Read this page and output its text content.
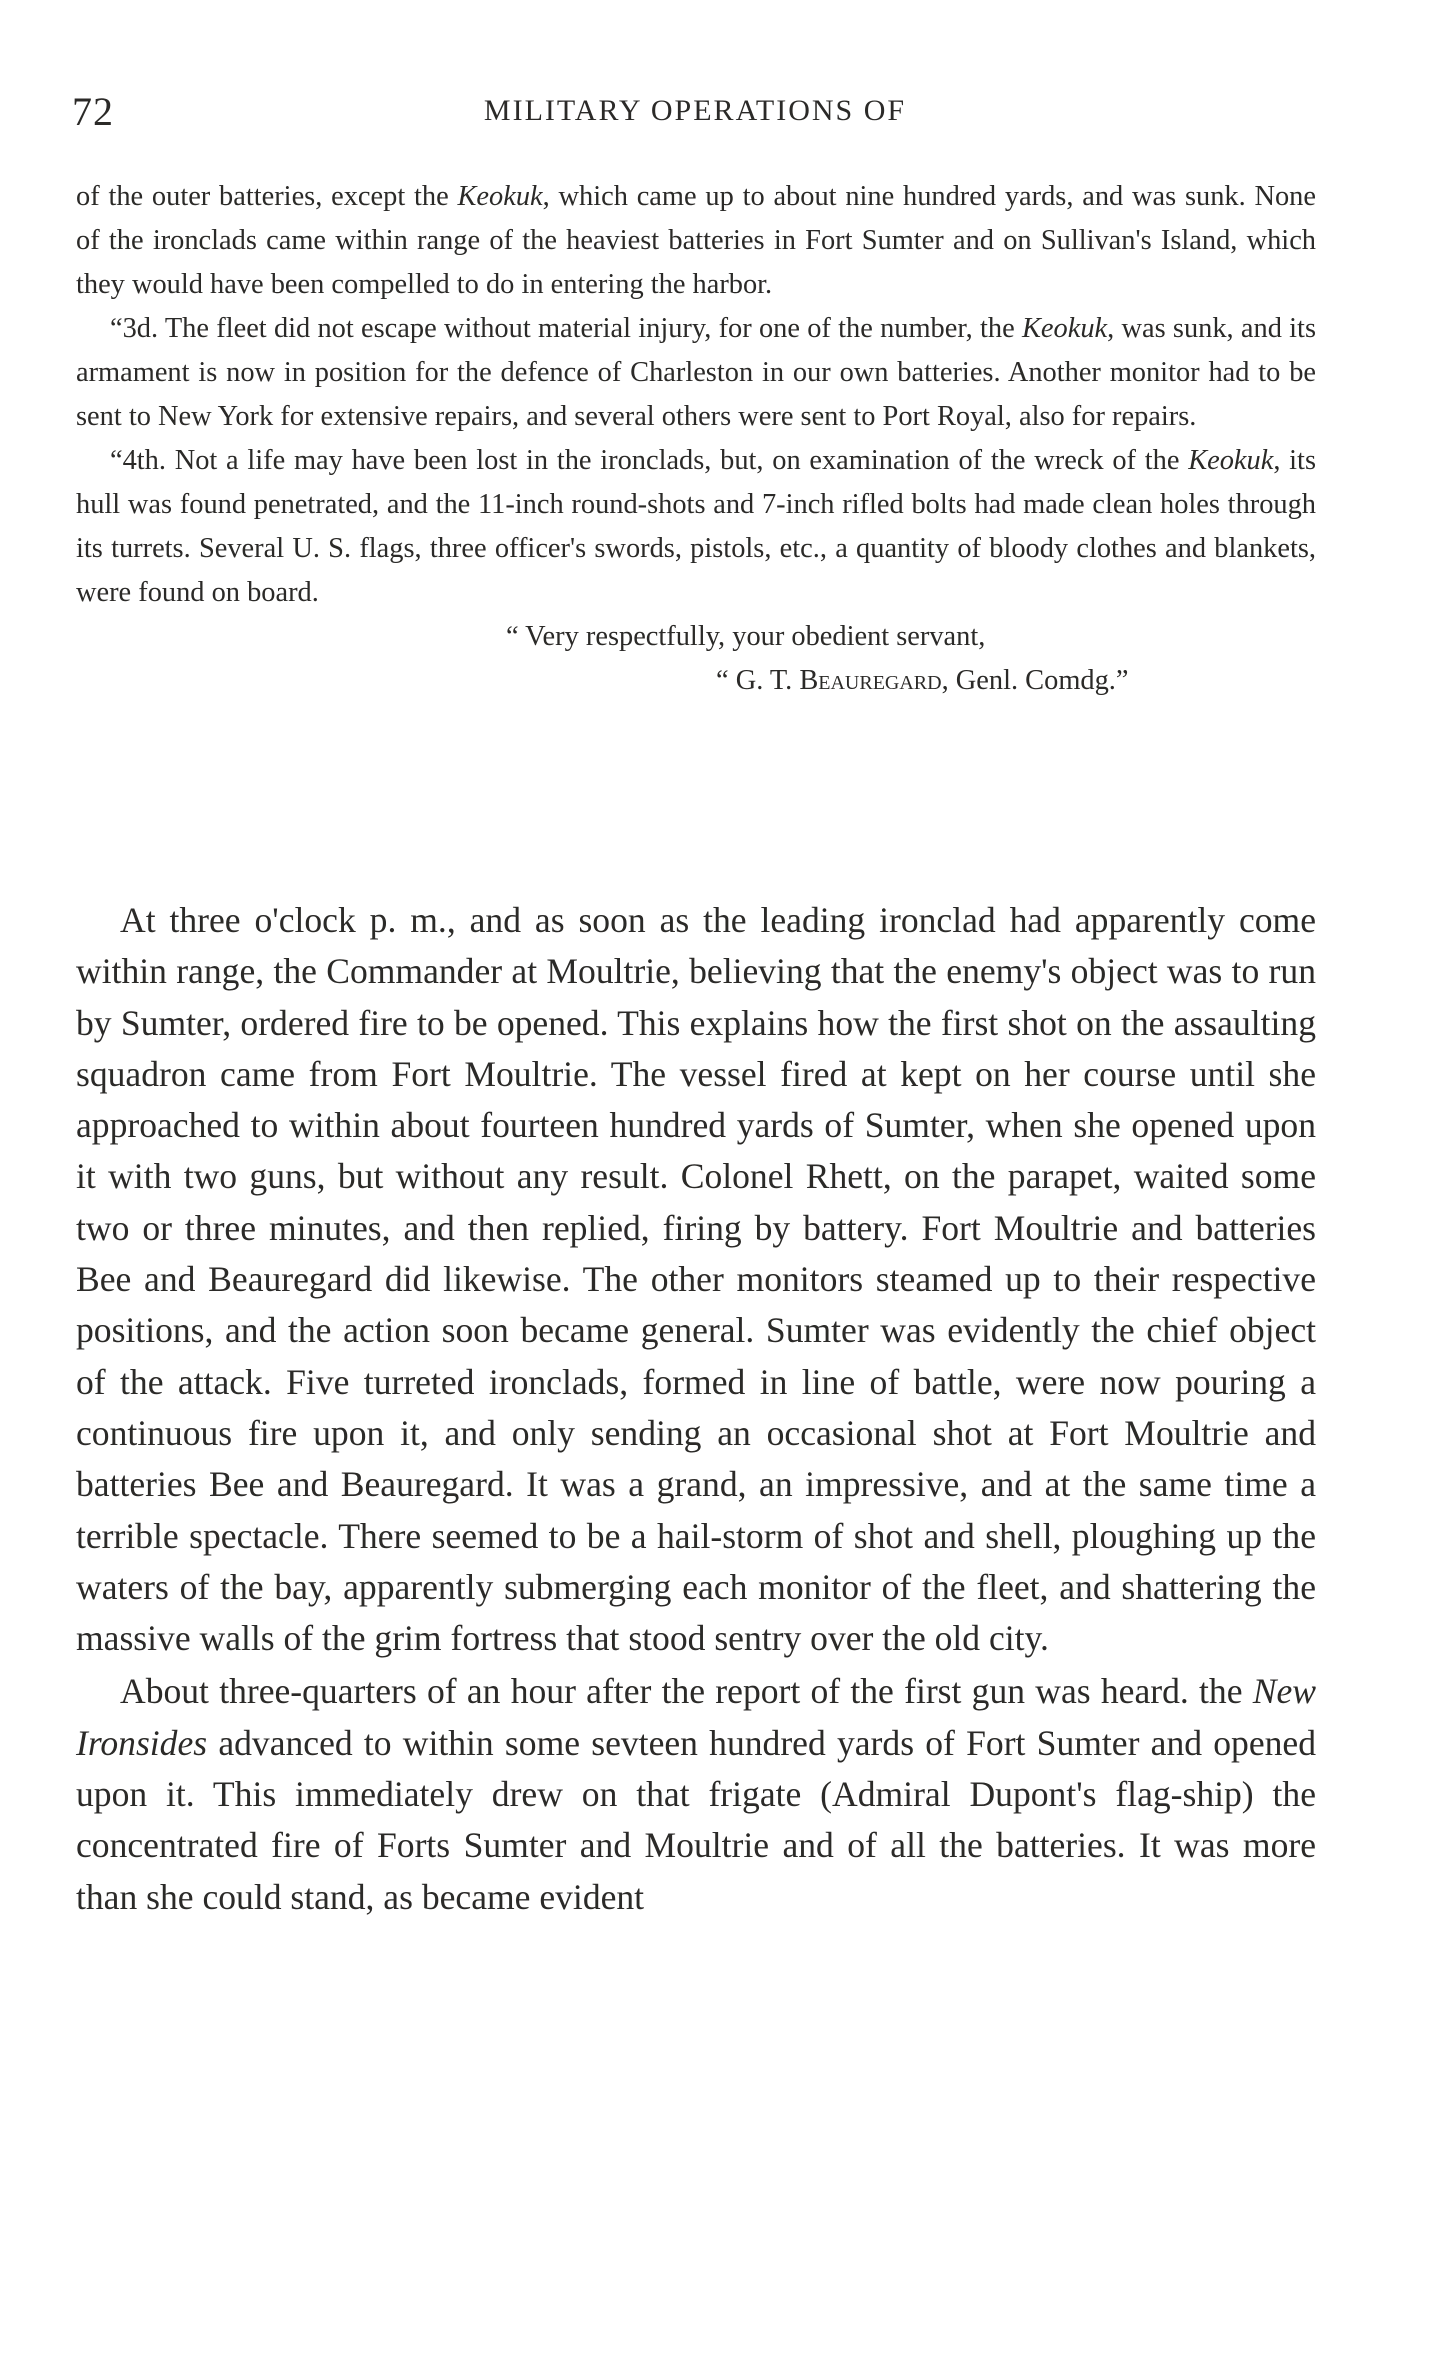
72	MILITARY OPERATIONS OF

of the outer batteries, except the Keokuk, which came up to about nine hundred yards, and was sunk. None of the ironclads came within range of the heaviest batteries in Fort Sumter and on Sullivan's Island, which they would have been compelled to do in entering the harbor.

“3d. The fleet did not escape without material injury, for one of the number, the Keokuk, was sunk, and its armament is now in position for the defence of Charleston in our own batteries. Another monitor had to be sent to New York for extensive repairs, and several others were sent to Port Royal, also for repairs.

“4th. Not a life may have been lost in the ironclads, but, on examination of the wreck of the Keokuk, its hull was found penetrated, and the 11-inch round-shots and 7-inch rifled bolts had made clean holes through its turrets. Several U. S. flags, three officer's swords, pistols, etc., a quantity of bloody clothes and blankets, were found on board.

“ Very respectfully, your obedient servant,

“ G. T. Beauregard, Genl. Comdg.”

At three o'clock p. m., and as soon as the leading ironclad had apparently come within range, the Commander at Moultrie, believing that the enemy's object was to run by Sumter, ordered fire to be opened. This explains how the first shot on the assaulting squadron came from Fort Moultrie. The vessel fired at kept on her course until she approached to within about fourteen hundred yards of Sumter, when she opened upon it with two guns, but without any result. Colonel Rhett, on the parapet, waited some two or three minutes, and then replied, firing by battery. Fort Moultrie and batteries Bee and Beauregard did likewise. The other monitors steamed up to their respective positions, and the action soon became general. Sumter was evidently the chief object of the attack. Five turreted ironclads, formed in line of battle, were now pouring a continuous fire upon it, and only sending an occasional shot at Fort Moultrie and batteries Bee and Beauregard. It was a grand, an impressive, and at the same time a terrible spectacle. There seemed to be a hail-storm of shot and shell, ploughing up the waters of the bay, apparently submerging each monitor of the fleet, and shattering the massive walls of the grim fortress that stood sentry over the old city.

About three-quarters of an hour after the report of the first gun was heard. the New Ironsides advanced to within some sevteen hundred yards of Fort Sumter and opened upon it. This immediately drew on that frigate (Admiral Dupont's flag-ship) the concentrated fire of Forts Sumter and Moultrie and of all the batteries. It was more than she could stand, as became evident
